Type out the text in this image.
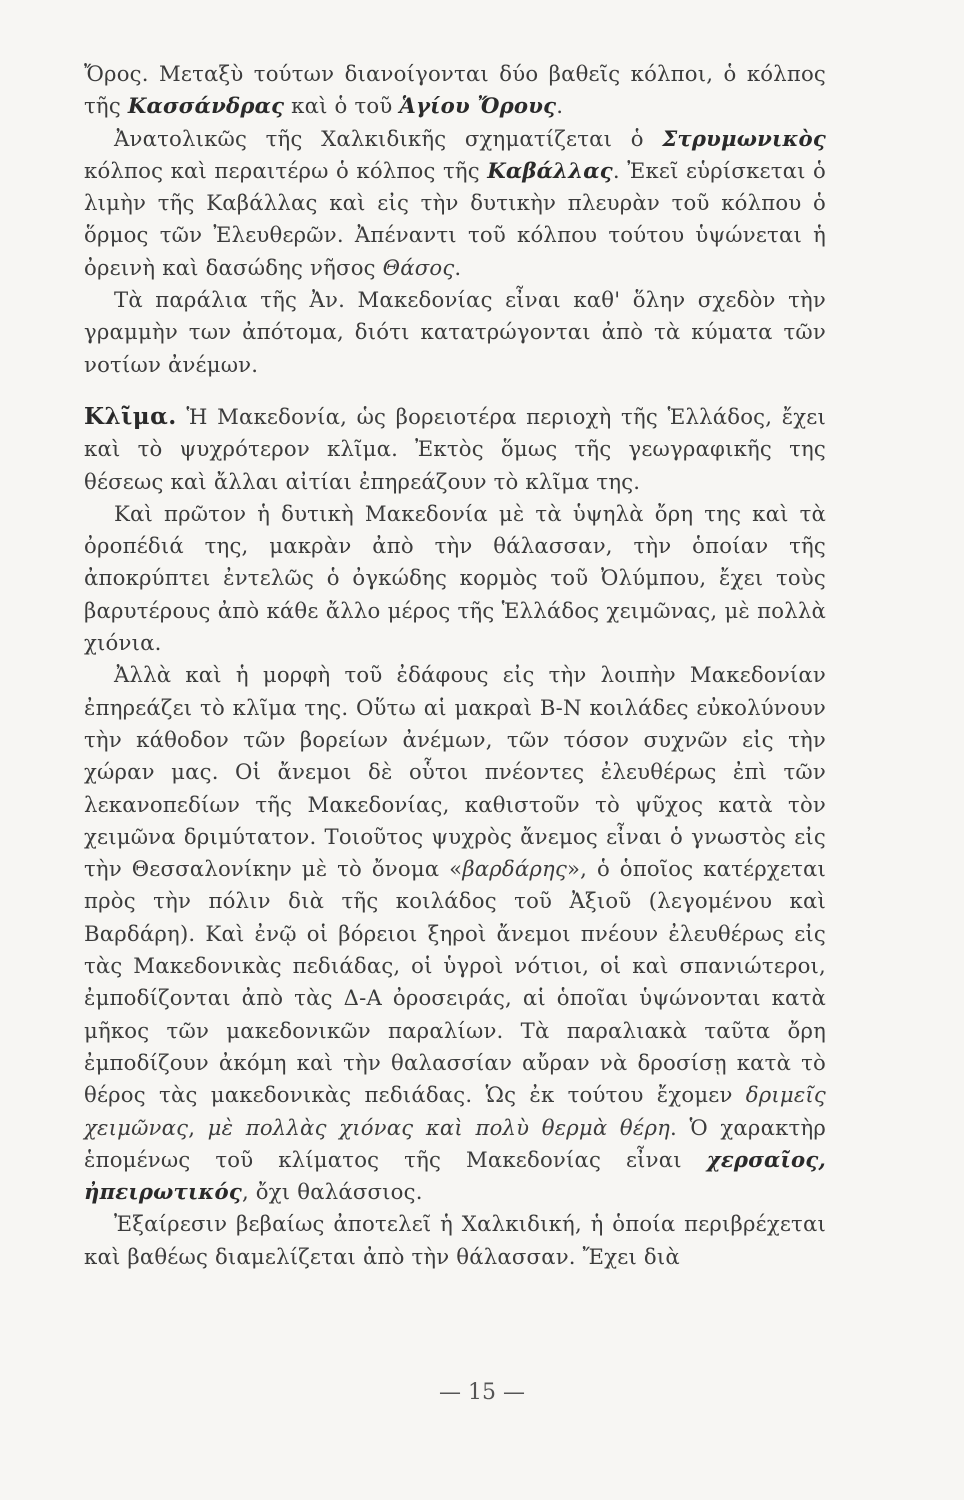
Ὄρος. Μεταξὺ τούτων διανοίγονται δύο βαθεῖς κόλποι, ὁ κόλπος τῆς Κασσάνδρας καὶ ὁ τοῦ Ἁγίου Ὄρους.

Ἀνατολικῶς τῆς Χαλκιδικῆς σχηματίζεται ὁ Στρυμωνικὸς κόλπος καὶ περαιτέρω ὁ κόλπος τῆς Καβάλλας. Ἐκεῖ εὑρίσκεται ὁ λιμὴν τῆς Καβάλλας καὶ εἰς τὴν δυτικὴν πλευρὰν τοῦ κόλπου ὁ ὅρμος τῶν Ἐλευθερῶν. Ἀπέναντι τοῦ κόλπου τούτου ὑψώνεται ἡ ὀρεινὴ καὶ δασώδης νῆσος Θάσος.

Τὰ παράλια τῆς Ἀν. Μακεδονίας εἶναι καθ' ὅλην σχεδὸν τὴν γραμμὴν των ἀπότομα, διότι κατατρώγονται ἀπὸ τὰ κύματα τῶν νοτίων ἀνέμων.

Κλῖμα. Ἡ Μακεδονία, ὡς βορειοτέρα περιοχὴ τῆς Ἑλλάδος, ἔχει καὶ τὸ ψυχρότερον κλῖμα. Ἐκτὸς ὅμως τῆς γεωγραφικῆς της θέσεως καὶ ἄλλαι αἰτίαι ἐπηρεάζουν τὸ κλῖμα της.

Καὶ πρῶτον ἡ δυτικὴ Μακεδονία μὲ τὰ ὑψηλὰ ὄρη της καὶ τὰ ὀροπέδιά της, μακρὰν ἀπὸ τὴν θάλασσαν, τὴν ὁποίαν τῆς ἀποκρύπτει ἐντελῶς ὁ ὀγκώδης κορμὸς τοῦ Ὀλύμπου, ἔχει τοὺς βαρυτέρους ἀπὸ κάθε ἄλλο μέρος τῆς Ἑλλάδος χειμῶνας, μὲ πολλὰ χιόνια.

Ἀλλὰ καὶ ἡ μορφὴ τοῦ ἐδάφους εἰς τὴν λοιπὴν Μακεδονίαν ἐπηρεάζει τὸ κλῖμα της. Οὕτω αἱ μακραὶ Β-Ν κοιλάδες εὐκολύνουν τὴν κάθοδον τῶν βορείων ἀνέμων, τῶν τόσον συχνῶν εἰς τὴν χώραν μας. Οἱ ἄνεμοι δὲ οὗτοι πνέοντες ἐλευθέρως ἐπὶ τῶν λεκανοπεδίων τῆς Μακεδονίας, καθιστοῦν τὸ ψῦχος κατὰ τὸν χειμῶνα δριμύτατον. Τοιοῦτος ψυχρὸς ἄνεμος εἶναι ὁ γνωστὸς εἰς τὴν Θεσσαλονίκην μὲ τὸ ὄνομα «βαρδάρης», ὁ ὁποῖος κατέρχεται πρὸς τὴν πόλιν διὰ τῆς κοιλάδος τοῦ Ἀξιοῦ (λεγομένου καὶ Βαρδάρη). Καὶ ἐνῷ οἱ βόρειοι ξηροὶ ἄνεμοι πνέουν ἐλευθέρως εἰς τὰς Μακεδονικὰς πεδιάδας, οἱ ὑγροὶ νότιοι, οἱ καὶ σπανιώτεροι, ἐμποδίζονται ἀπὸ τὰς Δ-Α ὀροσειράς, αἱ ὁποῖαι ὑψώνονται κατὰ μῆκος τῶν μακεδονικῶν παραλίων. Τὰ παραλιακὰ ταῦτα ὄρη ἐμποδίζουν ἀκόμη καὶ τὴν θαλασσίαν αὔραν νὰ δροσίσῃ κατὰ τὸ θέρος τὰς μακεδονικὰς πεδιάδας. Ὡς ἐκ τούτου ἔχομεν δριμεῖς χειμῶνας, μὲ πολλὰς χιόνας καὶ πολὺ θερμὰ θέρη. Ὁ χαρακτὴρ ἑπομένως τοῦ κλίματος τῆς Μακεδονίας εἶναι χερσαῖος, ἠπειρωτικός, ὄχι θαλάσσιος.

Ἐξαίρεσιν βεβαίως ἀποτελεῖ ἡ Χαλκιδική, ἡ ὁποία περιβρέχεται καὶ βαθέως διαμελίζεται ἀπὸ τὴν θάλασσαν. Ἔχει διὰ

— 15 —
